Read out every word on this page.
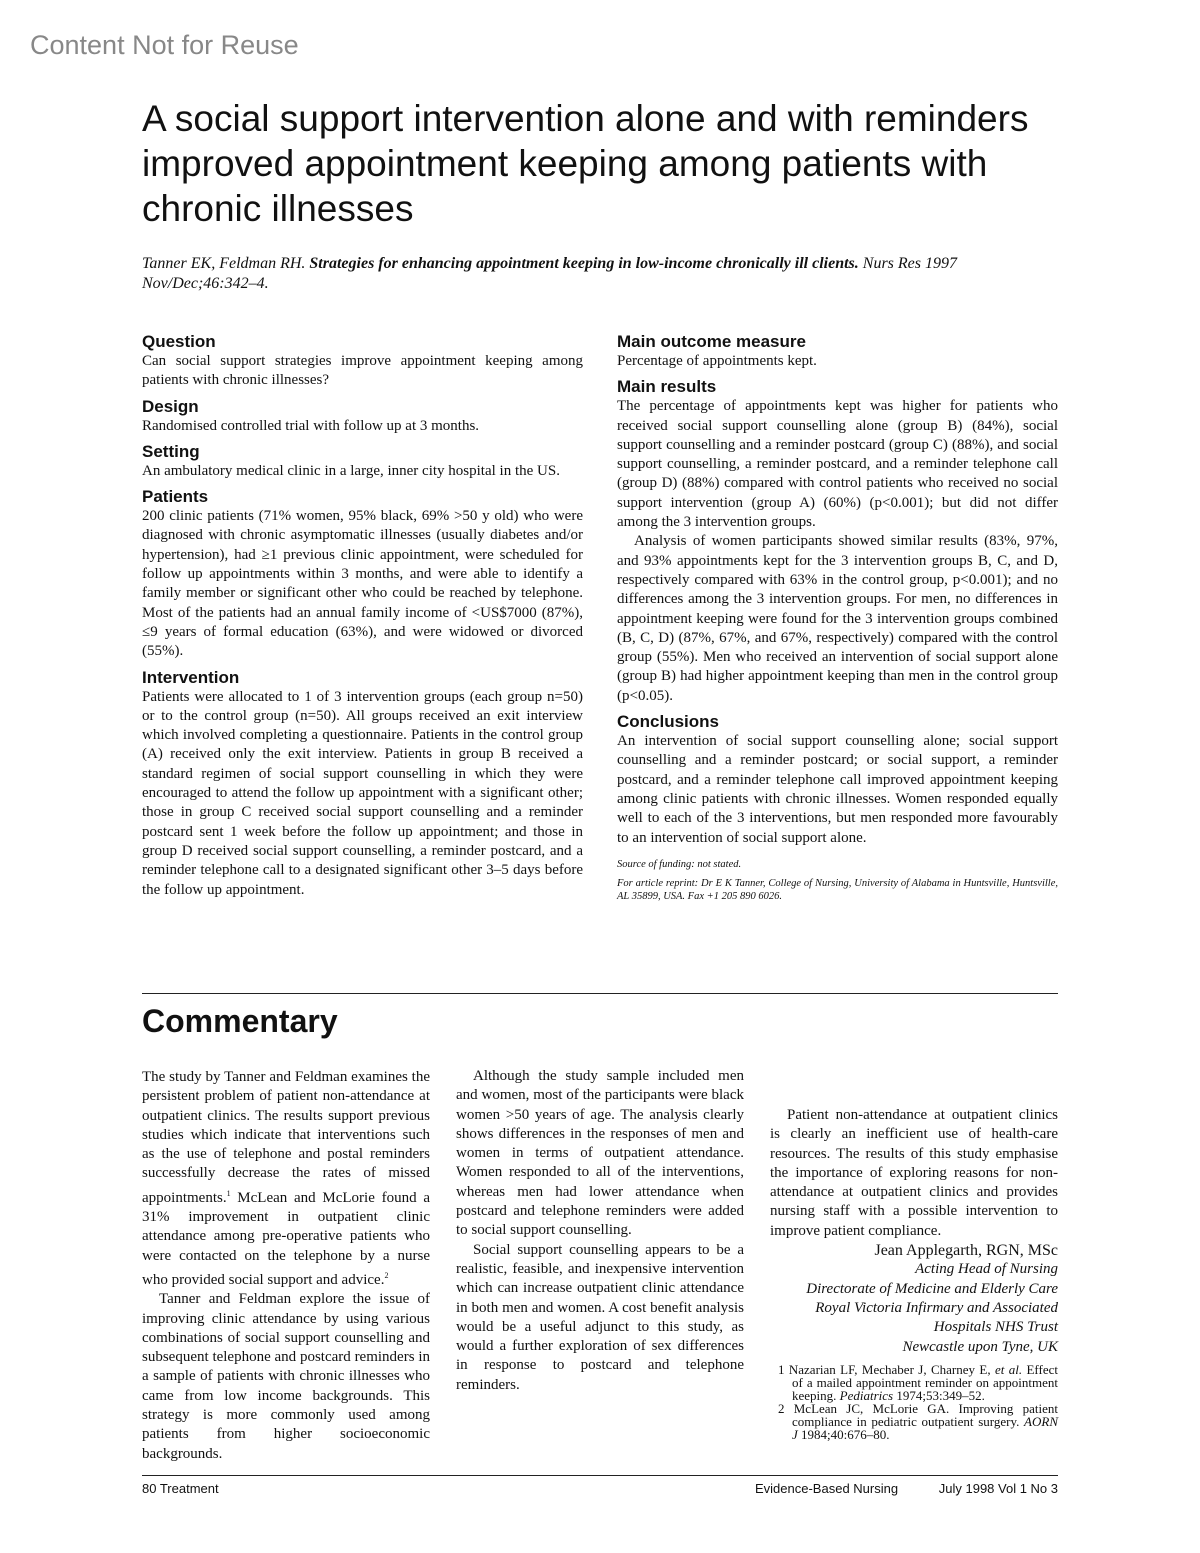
Content Not for Reuse
A social support intervention alone and with reminders improved appointment keeping among patients with chronic illnesses
Tanner EK, Feldman RH. Strategies for enhancing appointment keeping in low-income chronically ill clients. Nurs Res 1997 Nov/Dec;46:342–4.
Question

Can social support strategies improve appointment keeping among patients with chronic illnesses?

Design

Randomised controlled trial with follow up at 3 months.

Setting

An ambulatory medical clinic in a large, inner city hospital in the US.

Patients

200 clinic patients (71% women, 95% black, 69% >50 y old) who were diagnosed with chronic asymptomatic illnesses (usually diabetes and/or hypertension), had ≥1 previous clinic appointment, were scheduled for follow up appointments within 3 months, and were able to identify a family member or significant other who could be reached by telephone. Most of the patients had an annual family income of <US$7000 (87%), ≤9 years of formal education (63%), and were widowed or divorced (55%).

Intervention

Patients were allocated to 1 of 3 intervention groups (each group n=50) or to the control group (n=50). All groups received an exit interview which involved completing a questionnaire. Patients in the control group (A) received only the exit interview. Patients in group B received a standard regimen of social support counselling in which they were encouraged to attend the follow up appointment with a significant other; those in group C received social support counselling and a reminder postcard sent 1 week before the follow up appointment; and those in group D received social support counselling, a reminder postcard, and a reminder telephone call to a designated significant other 3–5 days before the follow up appointment.

Main outcome measure

Percentage of appointments kept.

Main results

The percentage of appointments kept was higher for patients who received social support counselling alone (group B) (84%), social support counselling and a reminder postcard (group C) (88%), and social support counselling, a reminder postcard, and a reminder telephone call (group D) (88%) compared with control patients who received no social support intervention (group A) (60%) (p<0.001); but did not differ among the 3 intervention groups.

Analysis of women participants showed similar results (83%, 97%, and 93% appointments kept for the 3 intervention groups B, C, and D, respectively compared with 63% in the control group, p<0.001); and no differences among the 3 intervention groups. For men, no differences in appointment keeping were found for the 3 intervention groups combined (B, C, D) (87%, 67%, and 67%, respectively) compared with the control group (55%). Men who received an intervention of social support alone (group B) had higher appointment keeping than men in the control group (p<0.05).

Conclusions

An intervention of social support counselling alone; social support counselling and a reminder postcard; or social support, a reminder postcard, and a reminder telephone call improved appointment keeping among clinic patients with chronic illnesses. Women responded equally well to each of the 3 interventions, but men responded more favourably to an intervention of social support alone.

Source of funding: not stated.

For article reprint: Dr E K Tanner, College of Nursing, University of Alabama in Huntsville, Huntsville, AL 35899, USA. Fax +1 205 890 6026.

Commentary

The study by Tanner and Feldman examines the persistent problem of patient non-attendance at outpatient clinics. The results support previous studies which indicate that interventions such as the use of telephone and postal reminders successfully decrease the rates of missed appointments.$^1$ McLean and McLorie found a 31% improvement in outpatient clinic attendance among pre-operative patients who were contacted on the telephone by a nurse who provided social support and advice.$^2$

Tanner and Feldman explore the issue of improving clinic attendance by using various combinations of social support counselling and subsequent telephone and postcard reminders in a sample of patients with chronic illnesses who came from low income backgrounds. This strategy is more commonly used among patients from higher socioeconomic backgrounds.

Although the study sample included men and women, most of the participants were black women >50 years of age. The analysis clearly shows differences in the responses of men and women in terms of outpatient attendance. Women responded to all of the interventions, whereas men had lower attendance when postcard and telephone reminders were added to social support counselling.

Social support counselling appears to be a realistic, feasible, and inexpensive intervention which can increase outpatient clinic attendance in both men and women. A cost benefit analysis would be a useful adjunct to this study, as would a further exploration of sex differences in response to postcard and telephone reminders.

Patient non-attendance at outpatient clinics is clearly an inefficient use of health-care resources. The results of this study emphasise the importance of exploring reasons for non-attendance at outpatient clinics and provides nursing staff with a possible intervention to improve patient compliance.

Jean Applegarth, RGN, MSc
Acting Head of Nursing
Directorate of Medicine and Elderly Care
Royal Victoria Infirmary and Associated Hospitals NHS Trust
Newcastle upon Tyne, UK
1 Nazarian LF, Mechaber J, Charney E, et al. Effect of a mailed appointment reminder on appointment keeping. Pediatrics 1974;53:349–52.
2 McLean JC, McLorie GA. Improving patient compliance in pediatric outpatient surgery. AORN J 1984;40:676–80.
80 Treatment	Evidence-Based Nursing	July 1998 Vol 1 No 3
